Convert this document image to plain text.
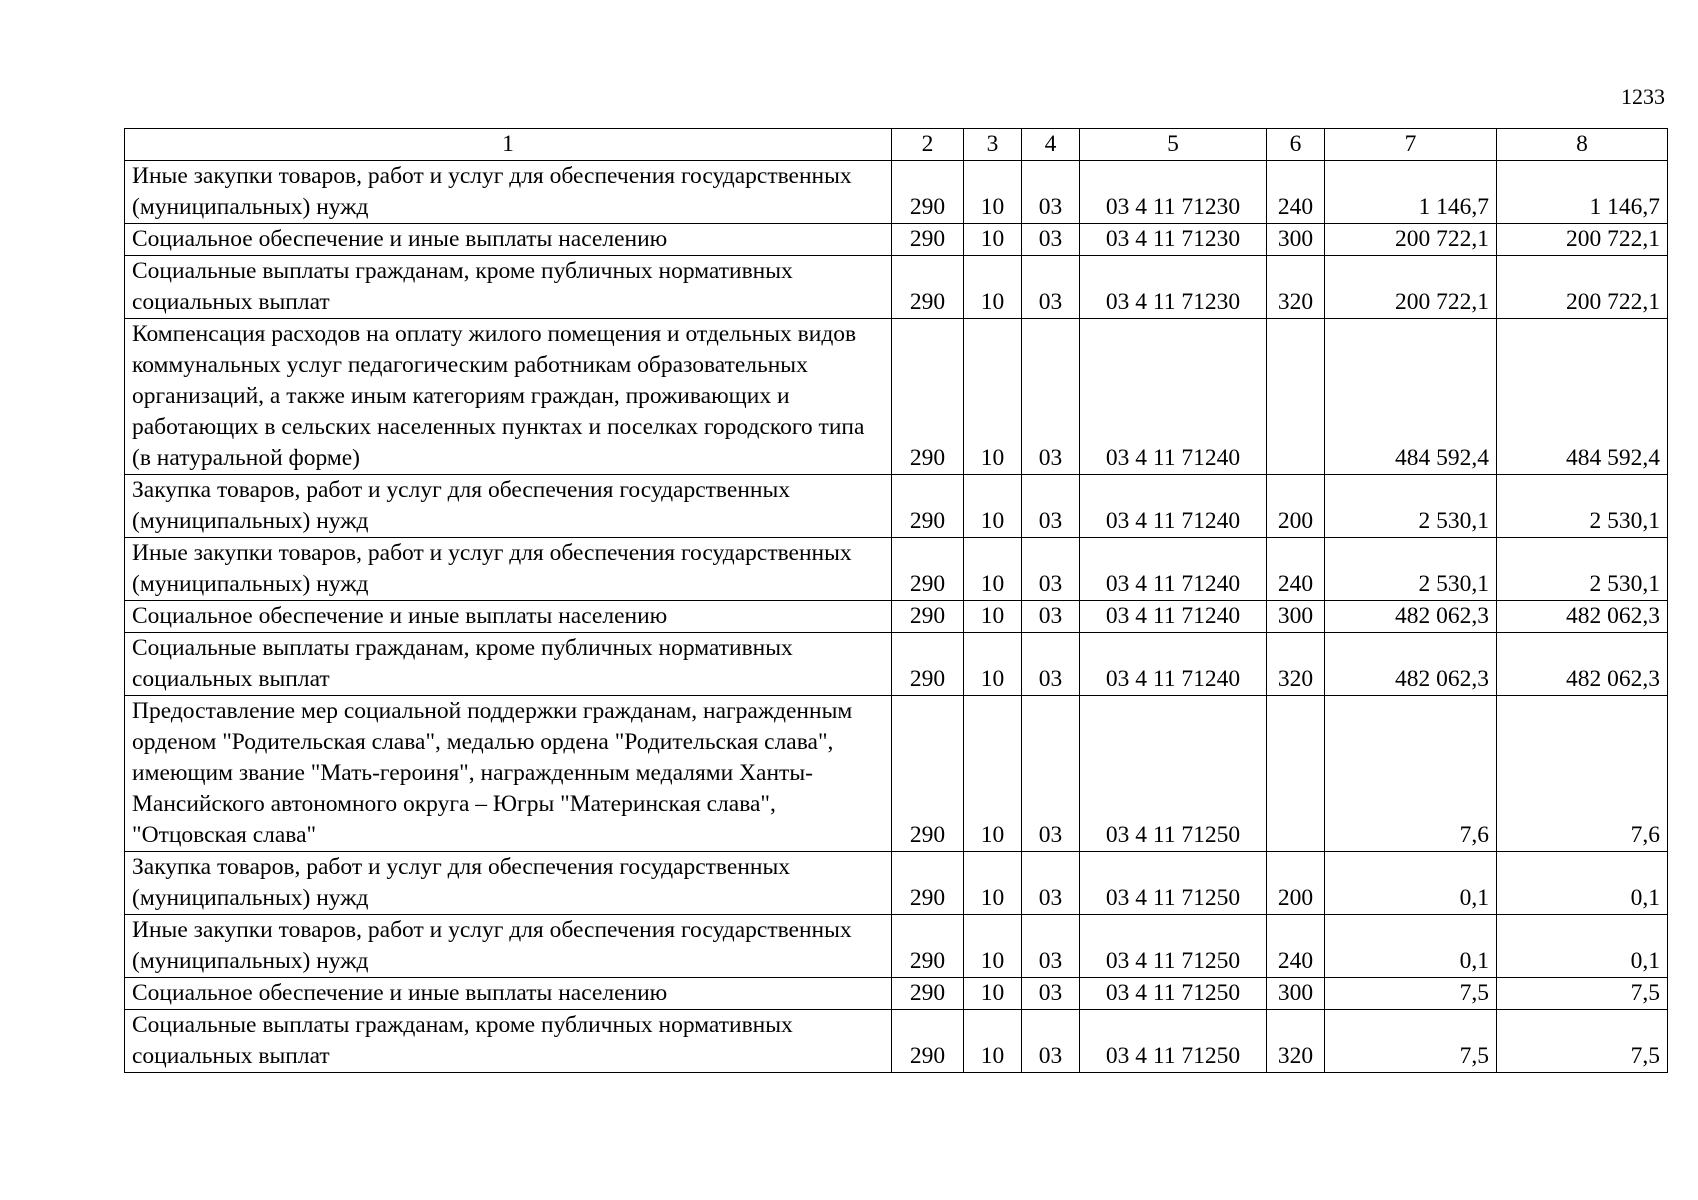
1233
1	2	3	4	5	6	7	8
Иные закупки товаров, работ и услуг для обеспечения государственных (муниципальных) нужд	290	10	03	03 4 11 71230	240	1 146,7	1 146,7
Социальное обеспечение и иные выплаты населению	290	10	03	03 4 11 71230	300	200 722,1	200 722,1
Социальные выплаты гражданам, кроме публичных нормативных социальных выплат	290	10	03	03 4 11 71230	320	200 722,1	200 722,1
Компенсация расходов на оплату жилого помещения и отдельных видов коммунальных услуг педагогическим работникам образовательных организаций, а также иным категориям граждан, проживающих и работающих в сельских населенных пунктах и поселках городского типа (в натуральной форме)	290	10	03	03 4 11 71240		484 592,4	484 592,4
Закупка товаров, работ и услуг для обеспечения государственных (муниципальных) нужд	290	10	03	03 4 11 71240	200	2 530,1	2 530,1
Иные закупки товаров, работ и услуг для обеспечения государственных (муниципальных) нужд	290	10	03	03 4 11 71240	240	2 530,1	2 530,1
Социальное обеспечение и иные выплаты населению	290	10	03	03 4 11 71240	300	482 062,3	482 062,3
Социальные выплаты гражданам, кроме публичных нормативных социальных выплат	290	10	03	03 4 11 71240	320	482 062,3	482 062,3
Предоставление мер социальной поддержки гражданам, награжденным орденом "Родительская слава", медалью ордена "Родительская слава", имеющим звание "Мать-героиня", награжденным медалями Ханты-Мансийского автономного округа – Югры "Материнская слава", "Отцовская слава"	290	10	03	03 4 11 71250		7,6	7,6
Закупка товаров, работ и услуг для обеспечения государственных (муниципальных) нужд	290	10	03	03 4 11 71250	200	0,1	0,1
Иные закупки товаров, работ и услуг для обеспечения государственных (муниципальных) нужд	290	10	03	03 4 11 71250	240	0,1	0,1
Социальное обеспечение и иные выплаты населению	290	10	03	03 4 11 71250	300	7,5	7,5
Социальные выплаты гражданам, кроме публичных нормативных социальных выплат	290	10	03	03 4 11 71250	320	7,5	7,5
